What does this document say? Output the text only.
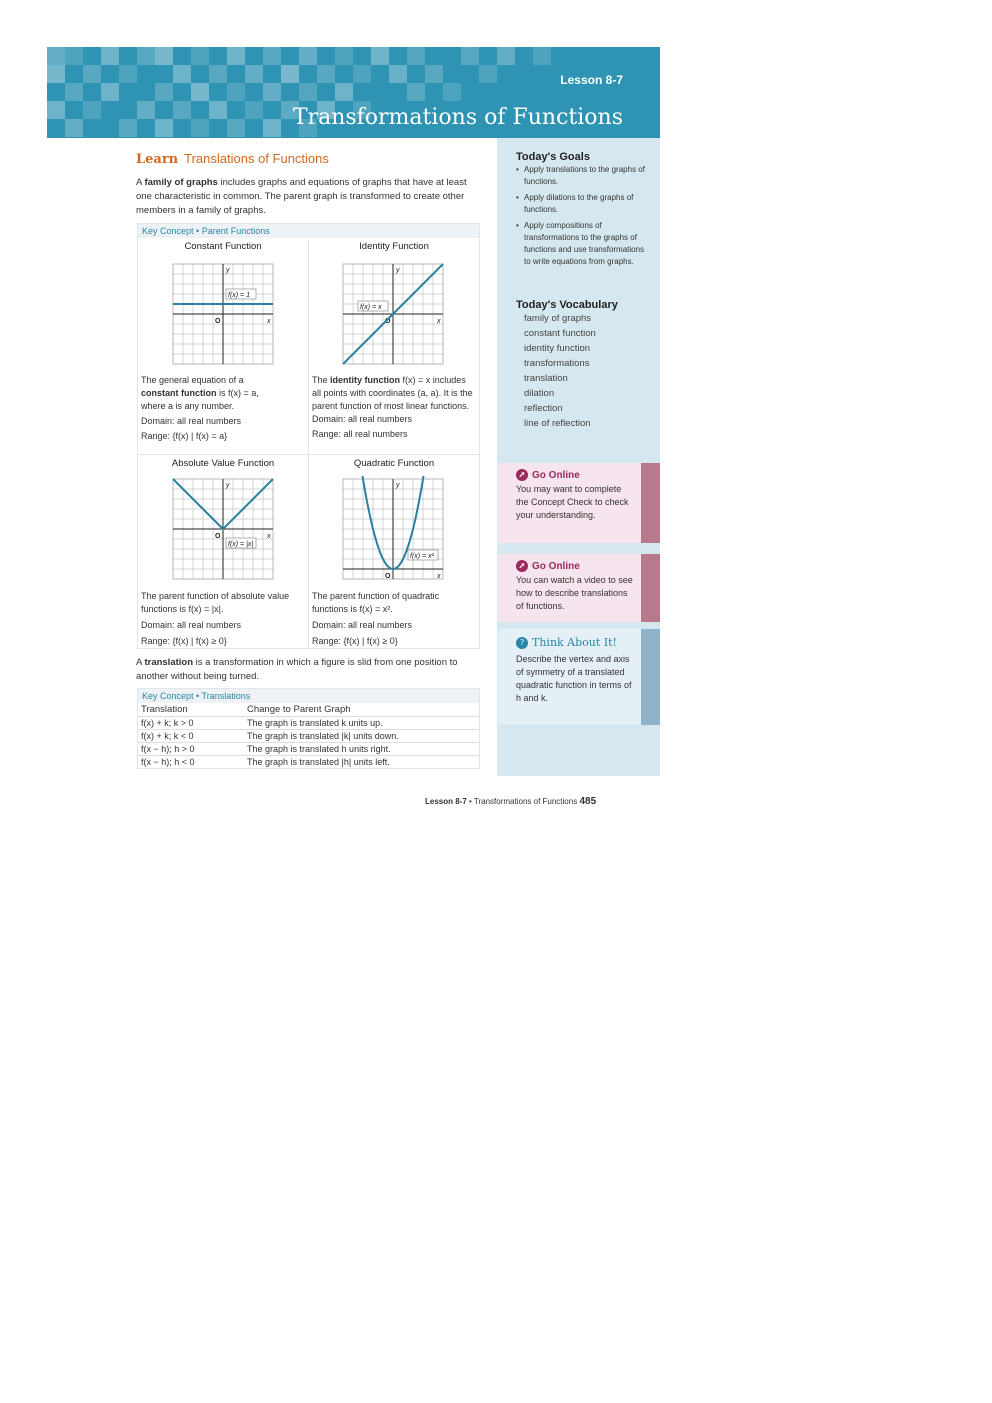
Lesson 8-7
Transformations of Functions
Learn Translations of Functions
A family of graphs includes graphs and equations of graphs that have at least one characteristic in common. The parent graph is transformed to create other members in a family of graphs.
Key Concept • Parent Functions
Constant Function
x
y
O
f(x) = 1
The general equation of a
constant function is f(x) = a,
where a is any number.
Domain: all real numbers
Range: {f(x) | f(x) = a}
Identity Function
x
y
O
f(x) = x
The identity function f(x) = x includes all points with coordinates (a, a). It is the parent function of most linear functions.
Domain: all real numbers
Range: all real numbers
Absolute Value Function
x
y
O
f(x) = |x|
The parent function of absolute value functions is f(x) = |x|.
Domain: all real numbers
Range: {f(x) | f(x) ≥ 0}
Quadratic Function
x
y
O
f(x) = x²
The parent function of quadratic functions is f(x) = x².
Domain: all real numbers
Range: {f(x) | f(x) ≥ 0}
A translation is a transformation in which a figure is slid from one position to another without being turned.
Key Concept • Translations
Translation	Change to Parent Graph
f(x) + k; k > 0	The graph is translated k units up.
f(x) + k; k < 0	The graph is translated |k| units down.
f(x − h); h > 0	The graph is translated h units right.
f(x − h); h < 0	The graph is translated |h| units left.
Today's Goals
• Apply translations to the graphs of functions.
• Apply dilations to the graphs of functions.
• Apply compositions of transformations to the graphs of functions and use transformations to write equations from graphs.
Today's Vocabulary
family of graphs
constant function
identity function
transformations
translation
dilation
reflection
line of reflection
➚ Go Online
You may want to complete the Concept Check to check your understanding.
➚ Go Online
You can watch a video to see how to describe translations of functions.
? Think About It!
Describe the vertex and axis of symmetry of a translated quadratic function in terms of h and k.
Lesson 8-7 • Transformations of Functions 485
